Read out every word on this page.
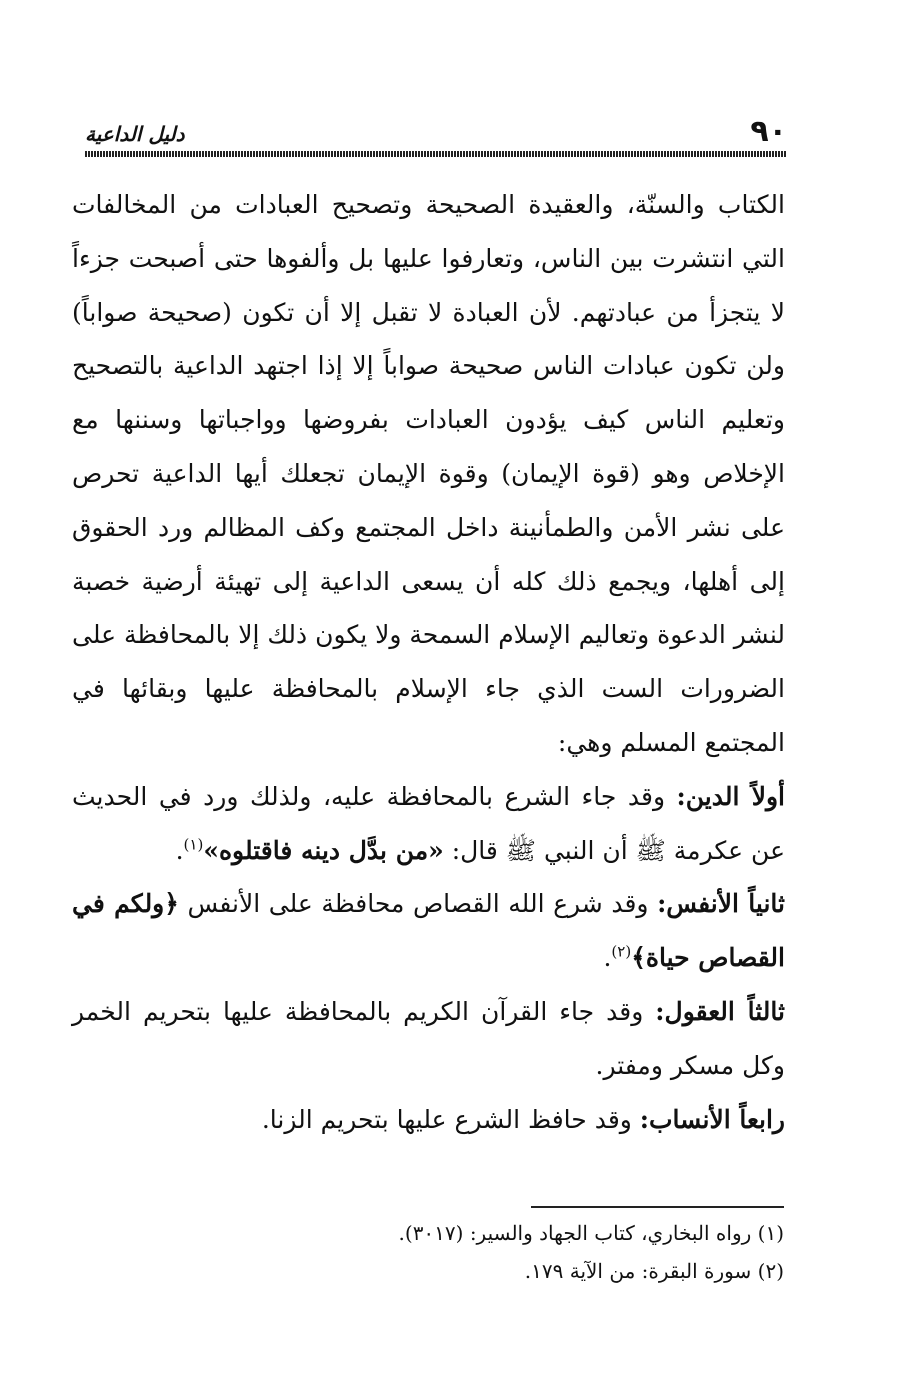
٩٠
دليل الداعية

الكتاب والسنّة، والعقيدة الصحيحة وتصحيح العبادات من المخالفات التي انتشرت بين الناس، وتعارفوا عليها بل وألفوها حتى أصبحت جزءاً لا يتجزأ من عبادتهم. لأن العبادة لا تقبل إلا أن تكون (صحيحة صواباً) ولن تكون عبادات الناس صحيحة صواباً إلا إذا اجتهد الداعية بالتصحيح وتعليم الناس كيف يؤدون العبادات بفروضها وواجباتها وسننها مع الإخلاص وهو (قوة الإيمان) وقوة الإيمان تجعلك أيها الداعية تحرص على نشر الأمن والطمأنينة داخل المجتمع وكف المظالم ورد الحقوق إلى أهلها، ويجمع ذلك كله أن يسعى الداعية إلى تهيئة أرضية خصبة لنشر الدعوة وتعاليم الإسلام السمحة ولا يكون ذلك إلا بالمحافظة على الضرورات الست الذي جاء الإسلام بالمحافظة عليها وبقائها في المجتمع المسلم وهي:

أولاً الدين: وقد جاء الشرع بالمحافظة عليه، ولذلك ورد في الحديث عن عكرمة ﷺ أن النبي ﷺ قال: «من بدَّل دينه فاقتلوه»$^{(١)}$.

ثانياً الأنفس: وقد شرع الله القصاص محافظة على الأنفس ﴿ولكم في القصاص حياة﴾$^{(٢)}$.

ثالثاً العقول: وقد جاء القرآن الكريم بالمحافظة عليها بتحريم الخمر وكل مسكر ومفتر.

رابعاً الأنساب: وقد حافظ الشرع عليها بتحريم الزنا.

(١) رواه البخاري، كتاب الجهاد والسير: (٣٠١٧).
(٢) سورة البقرة: من الآية ١٧٩.
